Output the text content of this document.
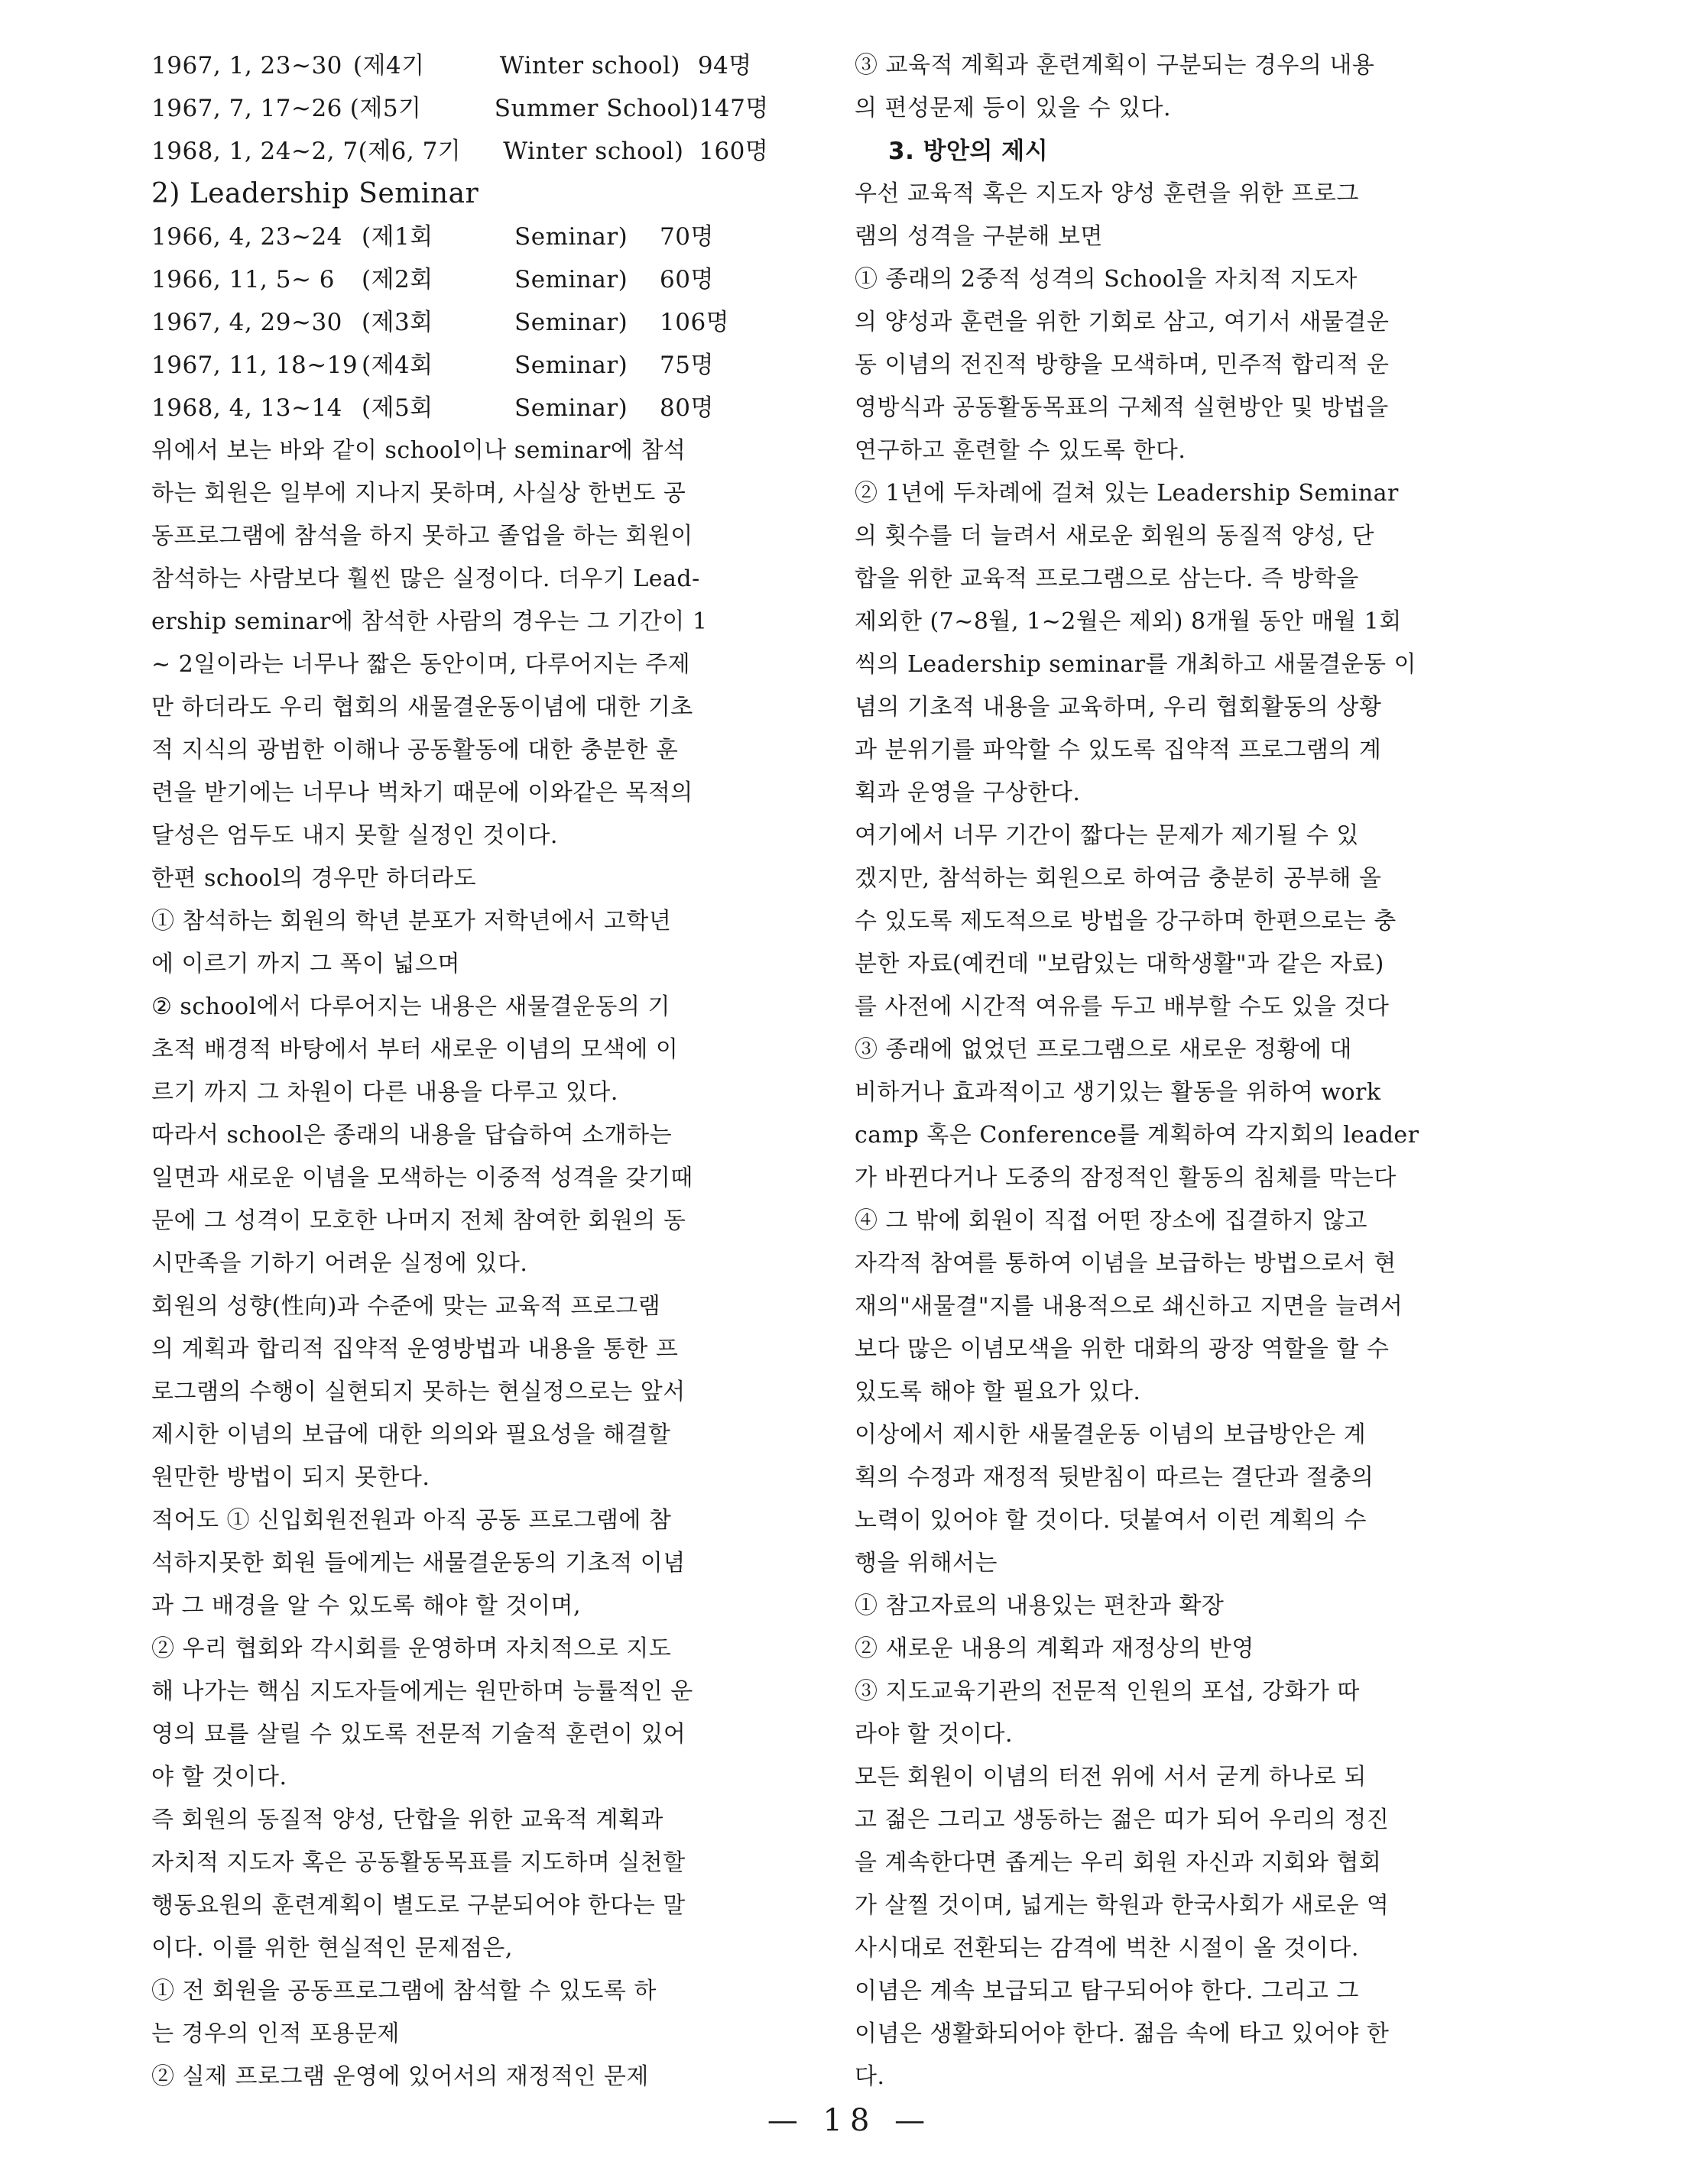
1967, 1, 23~30 (제4기	Winter school) 94명
1967, 7, 17~26 (제5기	Summer School) 147명
1968, 1, 24~2, 7 (제6, 7기	Winter school) 160명
2) Leadership Seminar
1966, 4, 23~24 (제1회	Seminar)	70명
1966, 11, 5~ 6	(제2회	Seminar)	60명
1967, 4, 29~30 (제3회	Seminar)	106명
1967, 11, 18~19 (제4회	Seminar)	75명
1968, 4, 13~14 (제5회	Seminar)	80명
위에서 보는 바와 같이 school이나 seminar에 참석
하는 회원은 일부에 지나지 못하며, 사실상 한번도 공
동프로그램에 참석을 하지 못하고 졸업을 하는 회원이
참석하는 사람보다 훨씬 많은 실정이다. 더우기 Lead-
ership seminar에 참석한 사람의 경우는 그 기간이 1
~ 2일이라는 너무나 짧은 동안이며, 다루어지는 주제
만 하더라도 우리 협회의 새물결운동이념에 대한 기초
적 지식의 광범한 이해나 공동활동에 대한 충분한 훈
련을 받기에는 너무나 벅차기 때문에 이와같은 목적의
달성은 엄두도 내지 못할 실정인 것이다.
한편 school의 경우만 하더라도
① 참석하는 회원의 학년 분포가 저학년에서 고학년
에 이르기 까지 그 폭이 넓으며
② school에서 다루어지는 내용은 새물결운동의 기
초적 배경적 바탕에서 부터 새로운 이념의 모색에 이
르기 까지 그 차원이 다른 내용을 다루고 있다.
따라서 school은 종래의 내용을 답습하여 소개하는
일면과 새로운 이념을 모색하는 이중적 성격을 갖기때
문에 그 성격이 모호한 나머지 전체 참여한 회원의 동
시만족을 기하기 어려운 실정에 있다.
회원의 성향(性向)과 수준에 맞는 교육적 프로그램
의 계획과 합리적 집약적 운영방법과 내용을 통한 프
로그램의 수행이 실현되지 못하는 현실정으로는 앞서
제시한 이념의 보급에 대한 의의와 필요성을 해결할
원만한 방법이 되지 못한다.
적어도 ① 신입회원전원과 아직 공동 프로그램에 참
석하지못한 회원 들에게는 새물결운동의 기초적 이념
과 그 배경을 알 수 있도록 해야 할 것이며,
② 우리 협회와 각시회를 운영하며 자치적으로 지도
해 나가는 핵심 지도자들에게는 원만하며 능률적인 운
영의 묘를 살릴 수 있도록 전문적 기술적 훈련이 있어
야 할 것이다.
즉 회원의 동질적 양성, 단합을 위한 교육적 계획과
자치적 지도자 혹은 공동활동목표를 지도하며 실천할
행동요원의 훈련계획이 별도로 구분되어야 한다는 말
이다. 이를 위한 현실적인 문제점은,
① 전 회원을 공동프로그램에 참석할 수 있도록 하
는 경우의 인적 포용문제
② 실제 프로그램 운영에 있어서의 재정적인 문제
③ 교육적 계획과 훈련계획이 구분되는 경우의 내용
의 편성문제 등이 있을 수 있다.
3. 방안의 제시
우선 교육적 혹은 지도자 양성 훈련을 위한 프로그
램의 성격을 구분해 보면
① 종래의 2중적 성격의 School을 자치적 지도자
의 양성과 훈련을 위한 기회로 삼고, 여기서 새물결운
동 이념의 전진적 방향을 모색하며, 민주적 합리적 운
영방식과 공동활동목표의 구체적 실현방안 및 방법을
연구하고 훈련할 수 있도록 한다.
② 1년에 두차례에 걸쳐 있는 Leadership Seminar
의 횟수를 더 늘려서 새로운 회원의 동질적 양성, 단
합을 위한 교육적 프로그램으로 삼는다. 즉 방학을
제외한 (7~8월, 1~2월은 제외) 8개월 동안 매월 1회
씩의 Leadership seminar를 개최하고 새물결운동 이
념의 기초적 내용을 교육하며, 우리 협회활동의 상황
과 분위기를 파악할 수 있도록 집약적 프로그램의 계
획과 운영을 구상한다.
여기에서 너무 기간이 짧다는 문제가 제기될 수 있
겠지만, 참석하는 회원으로 하여금 충분히 공부해 올
수 있도록 제도적으로 방법을 강구하며 한편으로는 충
분한 자료(예컨데 "보람있는 대학생활"과 같은 자료)
를 사전에 시간적 여유를 두고 배부할 수도 있을 것다
③ 종래에 없었던 프로그램으로 새로운 정황에 대
비하거나 효과적이고 생기있는 활동을 위하여 work
camp 혹은 Conference를 계획하여 각지회의 leader
가 바뀐다거나 도중의 잠정적인 활동의 침체를 막는다
④ 그 밖에 회원이 직접 어떤 장소에 집결하지 않고
자각적 참여를 통하여 이념을 보급하는 방법으로서 현
재의"새물결"지를 내용적으로 쇄신하고 지면을 늘려서
보다 많은 이념모색을 위한 대화의 광장 역할을 할 수
있도록 해야 할 필요가 있다.
이상에서 제시한 새물결운동 이념의 보급방안은 계
획의 수정과 재정적 뒷받침이 따르는 결단과 절충의
노력이 있어야 할 것이다. 덧붙여서 이런 계획의 수
행을 위해서는
① 참고자료의 내용있는 편찬과 확장
② 새로운 내용의 계획과 재정상의 반영
③ 지도교육기관의 전문적 인원의 포섭, 강화가 따
라야 할 것이다.
모든 회원이 이념의 터전 위에 서서 굳게 하나로 되
고 젊은 그리고 생동하는 젊은 띠가 되어 우리의 정진
을 계속한다면 좁게는 우리 회원 자신과 지회와 협회
가 살찔 것이며, 넓게는 학원과 한국사회가 새로운 역
사시대로 전환되는 감격에 벅찬 시절이 올 것이다.
이념은 계속 보급되고 탐구되어야 한다. 그리고 그
이념은 생활화되어야 한다. 젊음 속에 타고 있어야 한
다.
— 18 —
